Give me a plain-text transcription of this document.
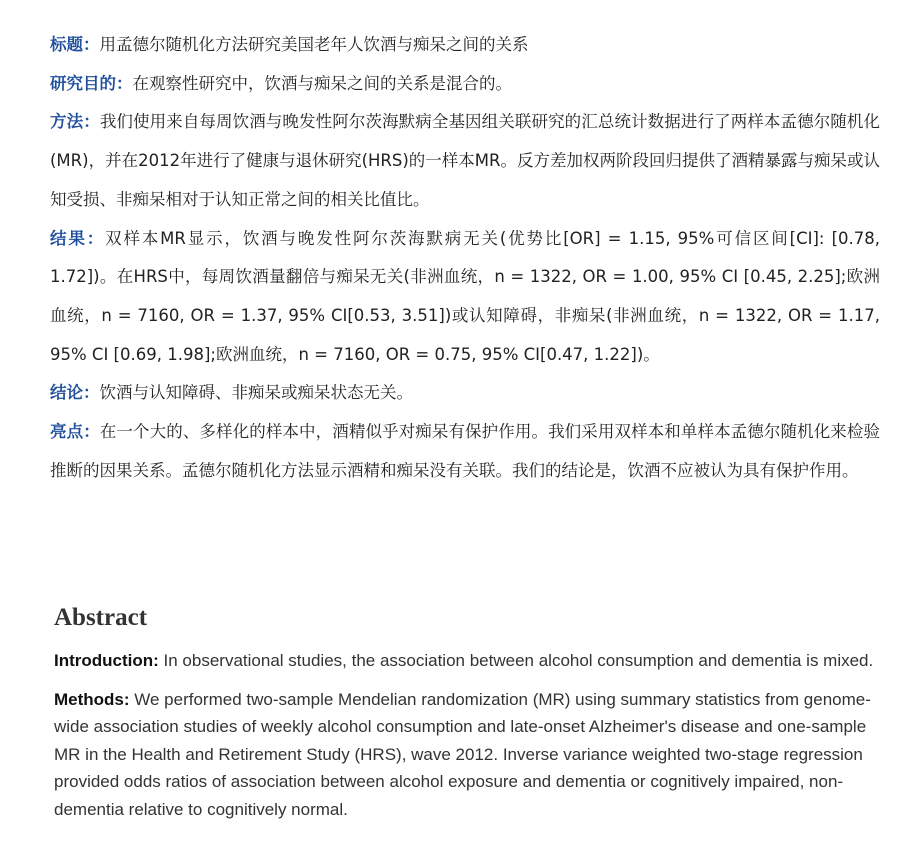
标题：用孟德尔随机化方法研究美国老年人饮酒与痴呆之间的关系

研究目的：在观察性研究中，饮酒与痴呆之间的关系是混合的。

方法：我们使用来自每周饮酒与晚发性阿尔茨海默病全基因组关联研究的汇总统计数据进行了两样本孟德尔随机化(MR)，并在2012年进行了健康与退休研究(HRS)的一样本MR。反方差加权两阶段回归提供了酒精暴露与痴呆或认知受损、非痴呆相对于认知正常之间的相关比值比。

结果：双样本MR显示，饮酒与晚发性阿尔茨海默病无关(优势比[OR] = 1.15, 95%可信区间[CI]: [0.78, 1.72])。在HRS中，每周饮酒量翻倍与痴呆无关(非洲血统，n = 1322, OR = 1.00, 95% CI [0.45, 2.25];欧洲血统，n = 7160, OR = 1.37, 95% CI[0.53, 3.51])或认知障碍，非痴呆(非洲血统，n = 1322, OR = 1.17, 95% CI [0.69, 1.98];欧洲血统，n = 7160, OR = 0.75, 95% CI[0.47, 1.22])。

结论：饮酒与认知障碍、非痴呆或痴呆状态无关。

亮点：在一个大的、多样化的样本中，酒精似乎对痴呆有保护作用。我们采用双样本和单样本孟德尔随机化来检验推断的因果关系。孟德尔随机化方法显示酒精和痴呆没有关联。我们的结论是，饮酒不应被认为具有保护作用。

Abstract

Introduction: In observational studies, the association between alcohol consumption and dementia is mixed.

Methods: We performed two-sample Mendelian randomization (MR) using summary statistics from genome-wide association studies of weekly alcohol consumption and late-onset Alzheimer's disease and one-sample MR in the Health and Retirement Study (HRS), wave 2012. Inverse variance weighted two-stage regression provided odds ratios of association between alcohol exposure and dementia or cognitively impaired, non-dementia relative to cognitively normal.
